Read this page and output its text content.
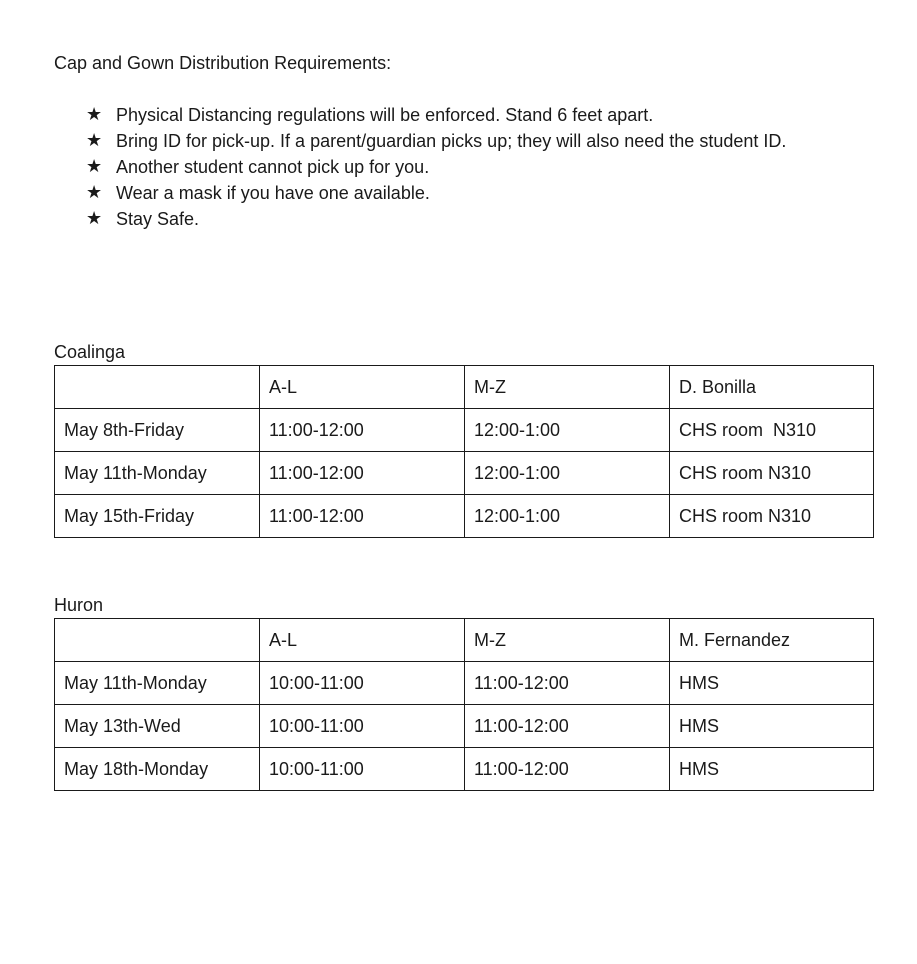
Cap and Gown Distribution Requirements:
★ Physical Distancing regulations will be enforced. Stand 6 feet apart.
★ Bring ID for pick-up. If a parent/guardian picks up; they will also need the student ID.
★ Another student cannot pick up for you.
★ Wear a mask if you have one available.
★ Stay Safe.
Coalinga
	A-L	M-Z	D. Bonilla
May 8th-Friday	11:00-12:00	12:00-1:00	CHS room  N310
May 11th-Monday	11:00-12:00	12:00-1:00	CHS room N310
May 15th-Friday	11:00-12:00	12:00-1:00	CHS room N310
Huron
	A-L	M-Z	M. Fernandez
May 11th-Monday	10:00-11:00	11:00-12:00	HMS
May 13th-Wed	10:00-11:00	11:00-12:00	HMS
May 18th-Monday	10:00-11:00	11:00-12:00	HMS
